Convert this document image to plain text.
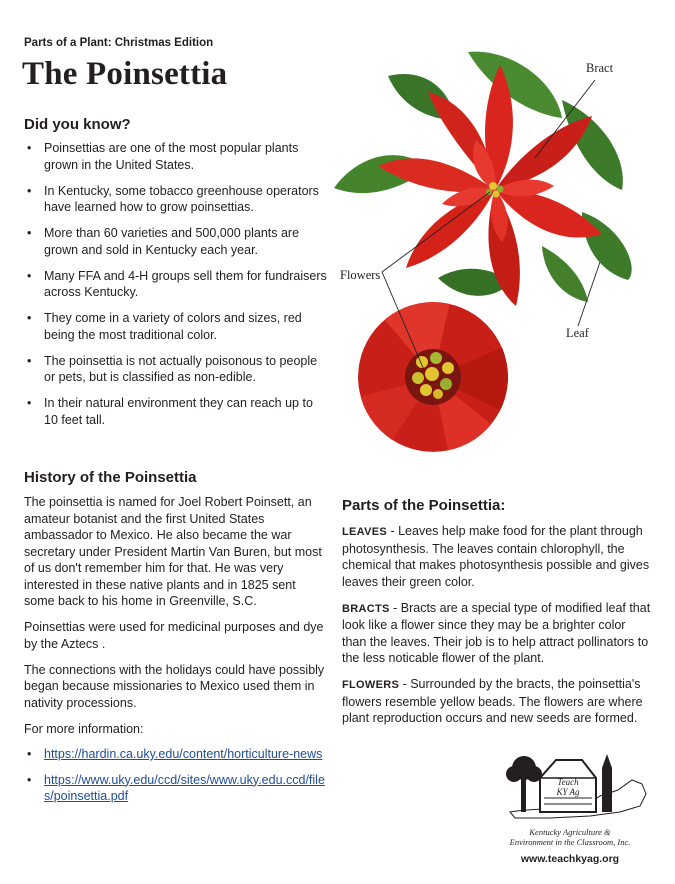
Parts of a Plant: Christmas Edition
The Poinsettia
Did you know?
• Poinsettias are one of the most popular plants grown in the United States.
• In Kentucky, some tobacco greenhouse operators have learned how to grow poinsettias.
• More than 60 varieties and 500,000 plants are grown and sold in Kentucky each year.
• Many FFA and 4-H groups sell them for fundraisers across Kentucky.
• They come in a variety of colors and sizes, red being the most traditional color.
• The poinsettia is not actually poisonous to people or pets, but is classified as non-edible.
• In their natural environment they can reach up to 10 feet tall.
History of the Poinsettia

The poinsettia is named for Joel Robert Poinsett, an amateur botanist and the first United States ambassador to Mexico. He also became the war secretary under President Martin Van Buren, but most of us don't remember him for that. He was very interested in these native plants and in 1825 sent some back to his home in Greenville, S.C.

Poinsettias were used for medicinal purposes and dye by the Aztecs .

The connections with the holidays could have possibly began because missionaries to Mexico used them in nativity processions.

For more information:

• https://hardin.ca.uky.edu/content/horticulture-news
• https://www.uky.edu/ccd/sites/www.uky.edu.ccd/files/poinsettia.pdf
Bract
Flowers
Leaf
Parts of the Poinsettia:

LEAVES - Leaves help make food for the plant through photosynthesis. The leaves contain chlorophyll, the chemical that makes photosynthesis possible and gives leaves their green color.

BRACTS - Bracts are a special type of modified leaf that look like a flower since they may be a brighter color than the leaves. Their job is to help attract pollinators to the less noticable flower of the plant.

FLOWERS - Surrounded by the bracts, the poinsettia's flowers resemble yellow beads. The flowers are where plant reproduction occurs and new seeds are formed.

Teach
KY Ag
Kentucky Agriculture &
Environment in the Classroom, Inc.
www.teachkyag.org
